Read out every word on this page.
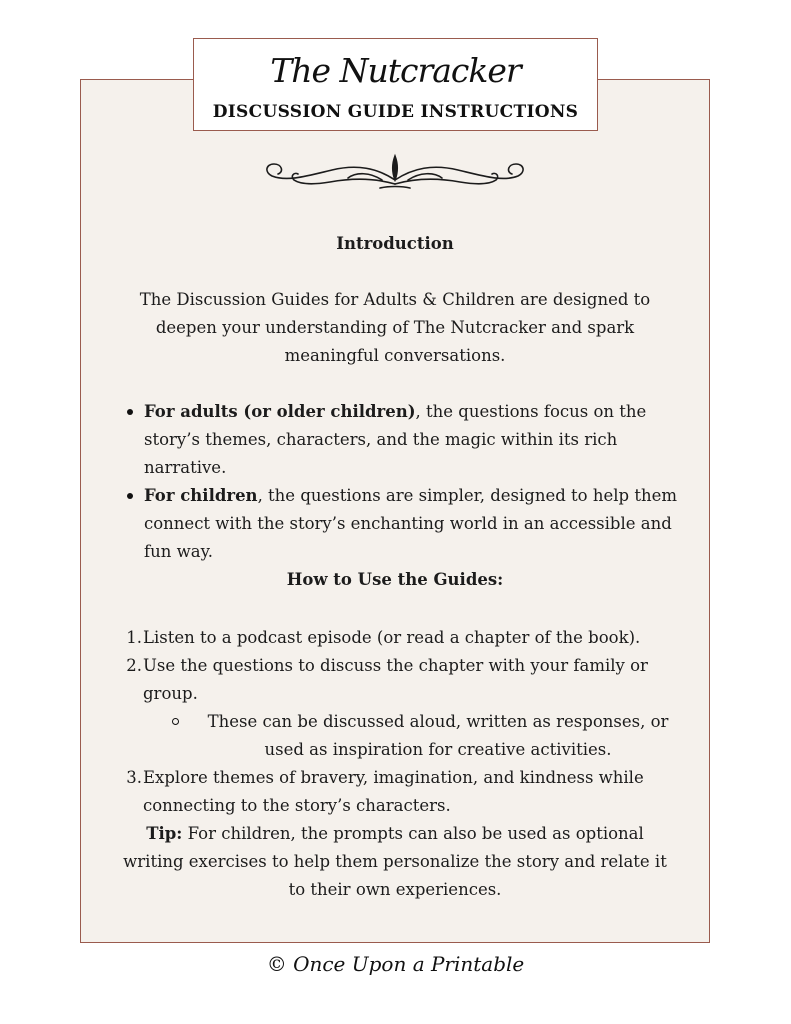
The Nutcracker
DISCUSSION GUIDE INSTRUCTIONS
Introduction
The Discussion Guides for Adults & Children are designed to deepen your understanding of The Nutcracker and spark meaningful conversations.
For adults (or older children), the questions focus on the story’s themes, characters, and the magic within its rich narrative.
For children, the questions are simpler, designed to help them connect with the story’s enchanting world in an accessible and fun way.
How to Use the Guides:
1. Listen to a podcast episode (or read a chapter of the book).
2. Use the questions to discuss the chapter with your family or group.
These can be discussed aloud, written as responses, or used as inspiration for creative activities.
3. Explore themes of bravery, imagination, and kindness while connecting to the story’s characters.
Tip: For children, the prompts can also be used as optional writing exercises to help them personalize the story and relate it to their own experiences.
© Once Upon a Printable
